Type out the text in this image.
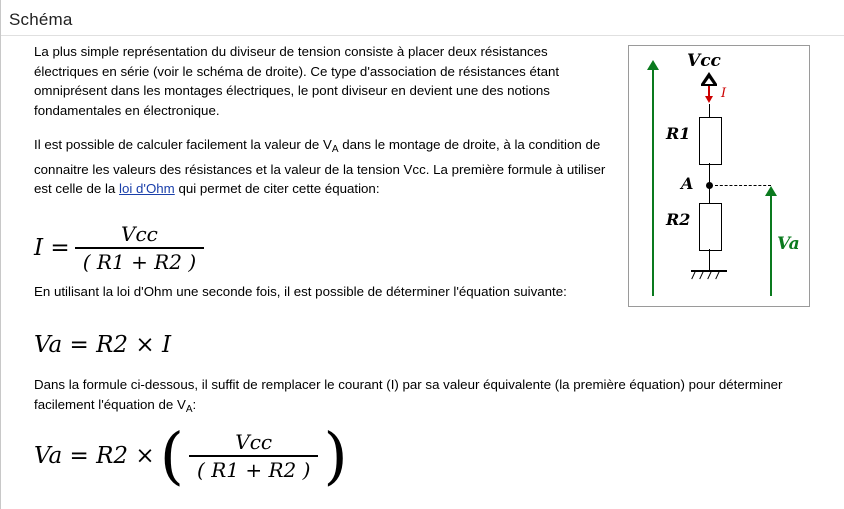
Schéma
La plus simple représentation du diviseur de tension consiste à placer deux résistances électriques en série (voir le schéma de droite). Ce type d'association de résistances étant omniprésent dans les montages électriques, le pont diviseur en devient une des notions fondamentales en électronique.
Il est possible de calculer facilement la valeur de $V_A$ dans le montage de droite, à la condition de connaitre les valeurs des résistances et la valeur de la tension Vcc. La première formule à utiliser est celle de la loi d'Ohm qui permet de citer cette équation:
$I = \frac{\text{Vcc}}{( R1 + R2 )}$
En utilisant la loi d'Ohm une seconde fois, il est possible de déterminer l'équation suivante:
Va = R2 × I
Dans la formule ci-dessous, il suffit de remplacer le courant (I) par sa valeur équivalente (la première équation) pour déterminer facilement l'équation de $V_A$:
Va = R2 × ( $\frac{\text{Vcc}}{( R1 + R2 )}$ )
Vcc
Va
I
R1
A
R2
